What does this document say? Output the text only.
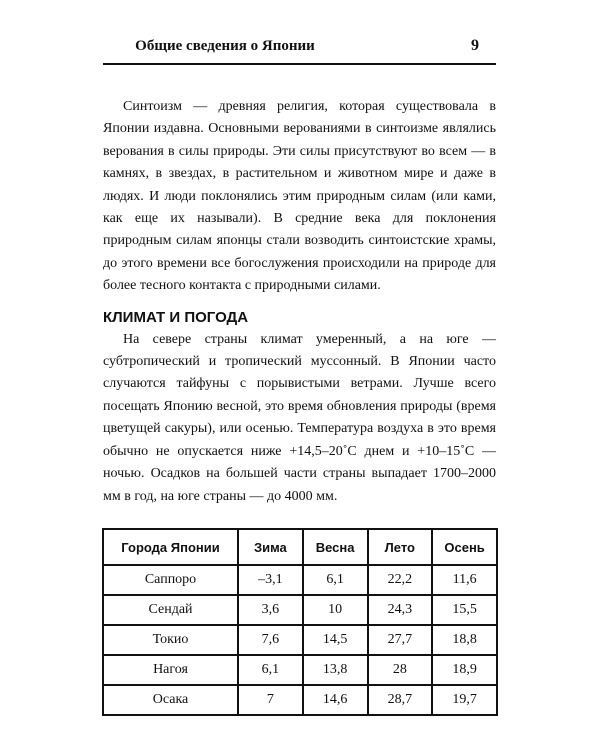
Общие сведения о Японии	9

Синтоизм — древняя религия, которая существовала в Японии издавна. Основными верованиями в синтоизме являлись верования в силы природы. Эти силы присутствуют во всем — в камнях, в звездах, в растительном и животном мире и даже в людях. И люди поклонялись этим природным силам (или ками, как еще их называли). В средние века для поклонения природным силам японцы стали возводить синтоистские храмы, до этого времени все богослужения происходили на природе для более тесного контакта с природными силами.

КЛИМАТ И ПОГОДА

На севере страны климат умеренный, а на юге — субтропический и тропический муссонный. В Японии часто случаются тайфуны с порывистыми ветрами. Лучше всего посещать Японию весной, это время обновления природы (время цветущей сакуры), или осенью. Температура воздуха в это время обычно не опускается ниже +14,5–20˚С днем и +10–15˚С — ночью. Осадков на большей части страны выпадает 1700–2000 мм в год, на юге страны — до 4000 мм.

Города Японии	Зима	Весна	Лето	Осень
Саппоро	–3,1	6,1	22,2	11,6
Сендай	3,6	10	24,3	15,5
Токио	7,6	14,5	27,7	18,8
Нагоя	6,1	13,8	28	18,9
Осака	7	14,6	28,7	19,7
